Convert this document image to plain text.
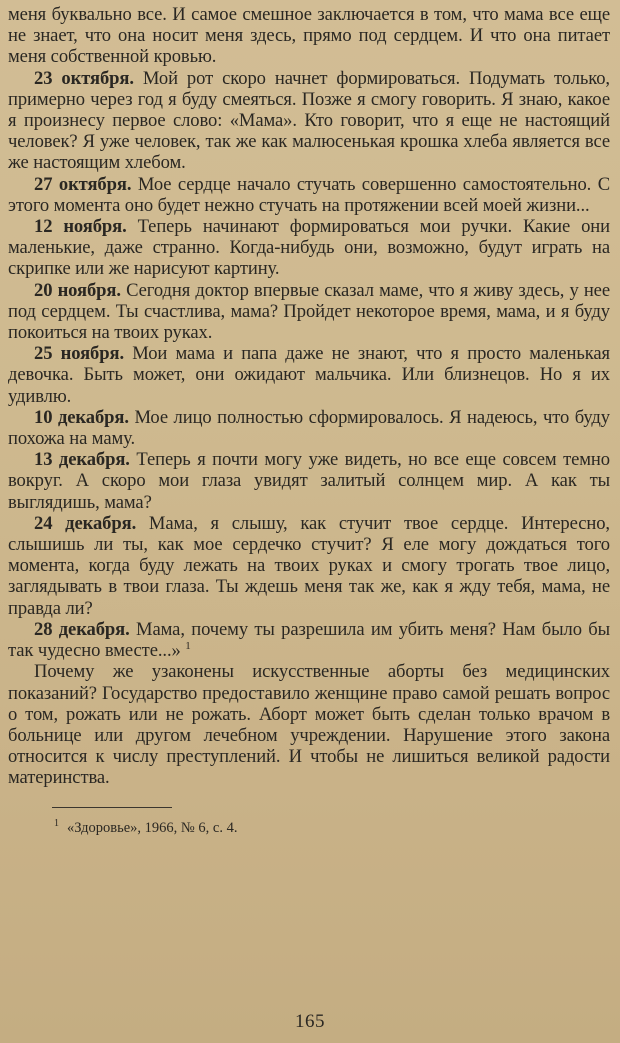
меня буквально все. И самое смешное заключается в том, что мама все еще не знает, что она носит меня здесь, прямо под сердцем. И что она питает меня собственной кровью.

23 октября. Мой рот скоро начнет формироваться. Подумать только, примерно через год я буду смеяться. Позже я смогу говорить. Я знаю, какое я произнесу первое слово: «Мама». Кто говорит, что я еще не настоящий человек? Я уже человек, так же как малюсенькая крошка хлеба является все же настоящим хлебом.

27 октября. Мое сердце начало стучать совершенно самостоятельно. С этого момента оно будет нежно стучать на протяжении всей моей жизни...

12 ноября. Теперь начинают формироваться мои ручки. Какие они маленькие, даже странно. Когда-нибудь они, возможно, будут играть на скрипке или же нарисуют картину.

20 ноября. Сегодня доктор впервые сказал маме, что я живу здесь, у нее под сердцем. Ты счастлива, мама? Пройдет некоторое время, мама, и я буду покоиться на твоих руках.

25 ноября. Мои мама и папа даже не знают, что я просто маленькая девочка. Быть может, они ожидают мальчика. Или близнецов. Но я их удивлю.

10 декабря. Мое лицо полностью сформировалось. Я надеюсь, что буду похожа на маму.

13 декабря. Теперь я почти могу уже видеть, но все еще совсем темно вокруг. А скоро мои глаза увидят залитый солнцем мир. А как ты выглядишь, мама?

24 декабря. Мама, я слышу, как стучит твое сердце. Интересно, слышишь ли ты, как мое сердечко стучит? Я еле могу дождаться того момента, когда буду лежать на твоих руках и смогу трогать твое лицо, заглядывать в твои глаза. Ты ждешь меня так же, как я жду тебя, мама, не правда ли?

28 декабря. Мама, почему ты разрешила им убить меня? Нам было бы так чудесно вместе...» $^1$

Почему же узаконены искусственные аборты без медицинских показаний? Государство предоставило женщине право самой решать вопрос о том, рожать или не рожать. Аборт может быть сделан только врачом в больнице или другом лечебном учреждении. Нарушение этого закона относится к числу преступлений. И чтобы не лишиться великой радости материнства.

$^1$ «Здоровье», 1966, № 6, с. 4.
165
